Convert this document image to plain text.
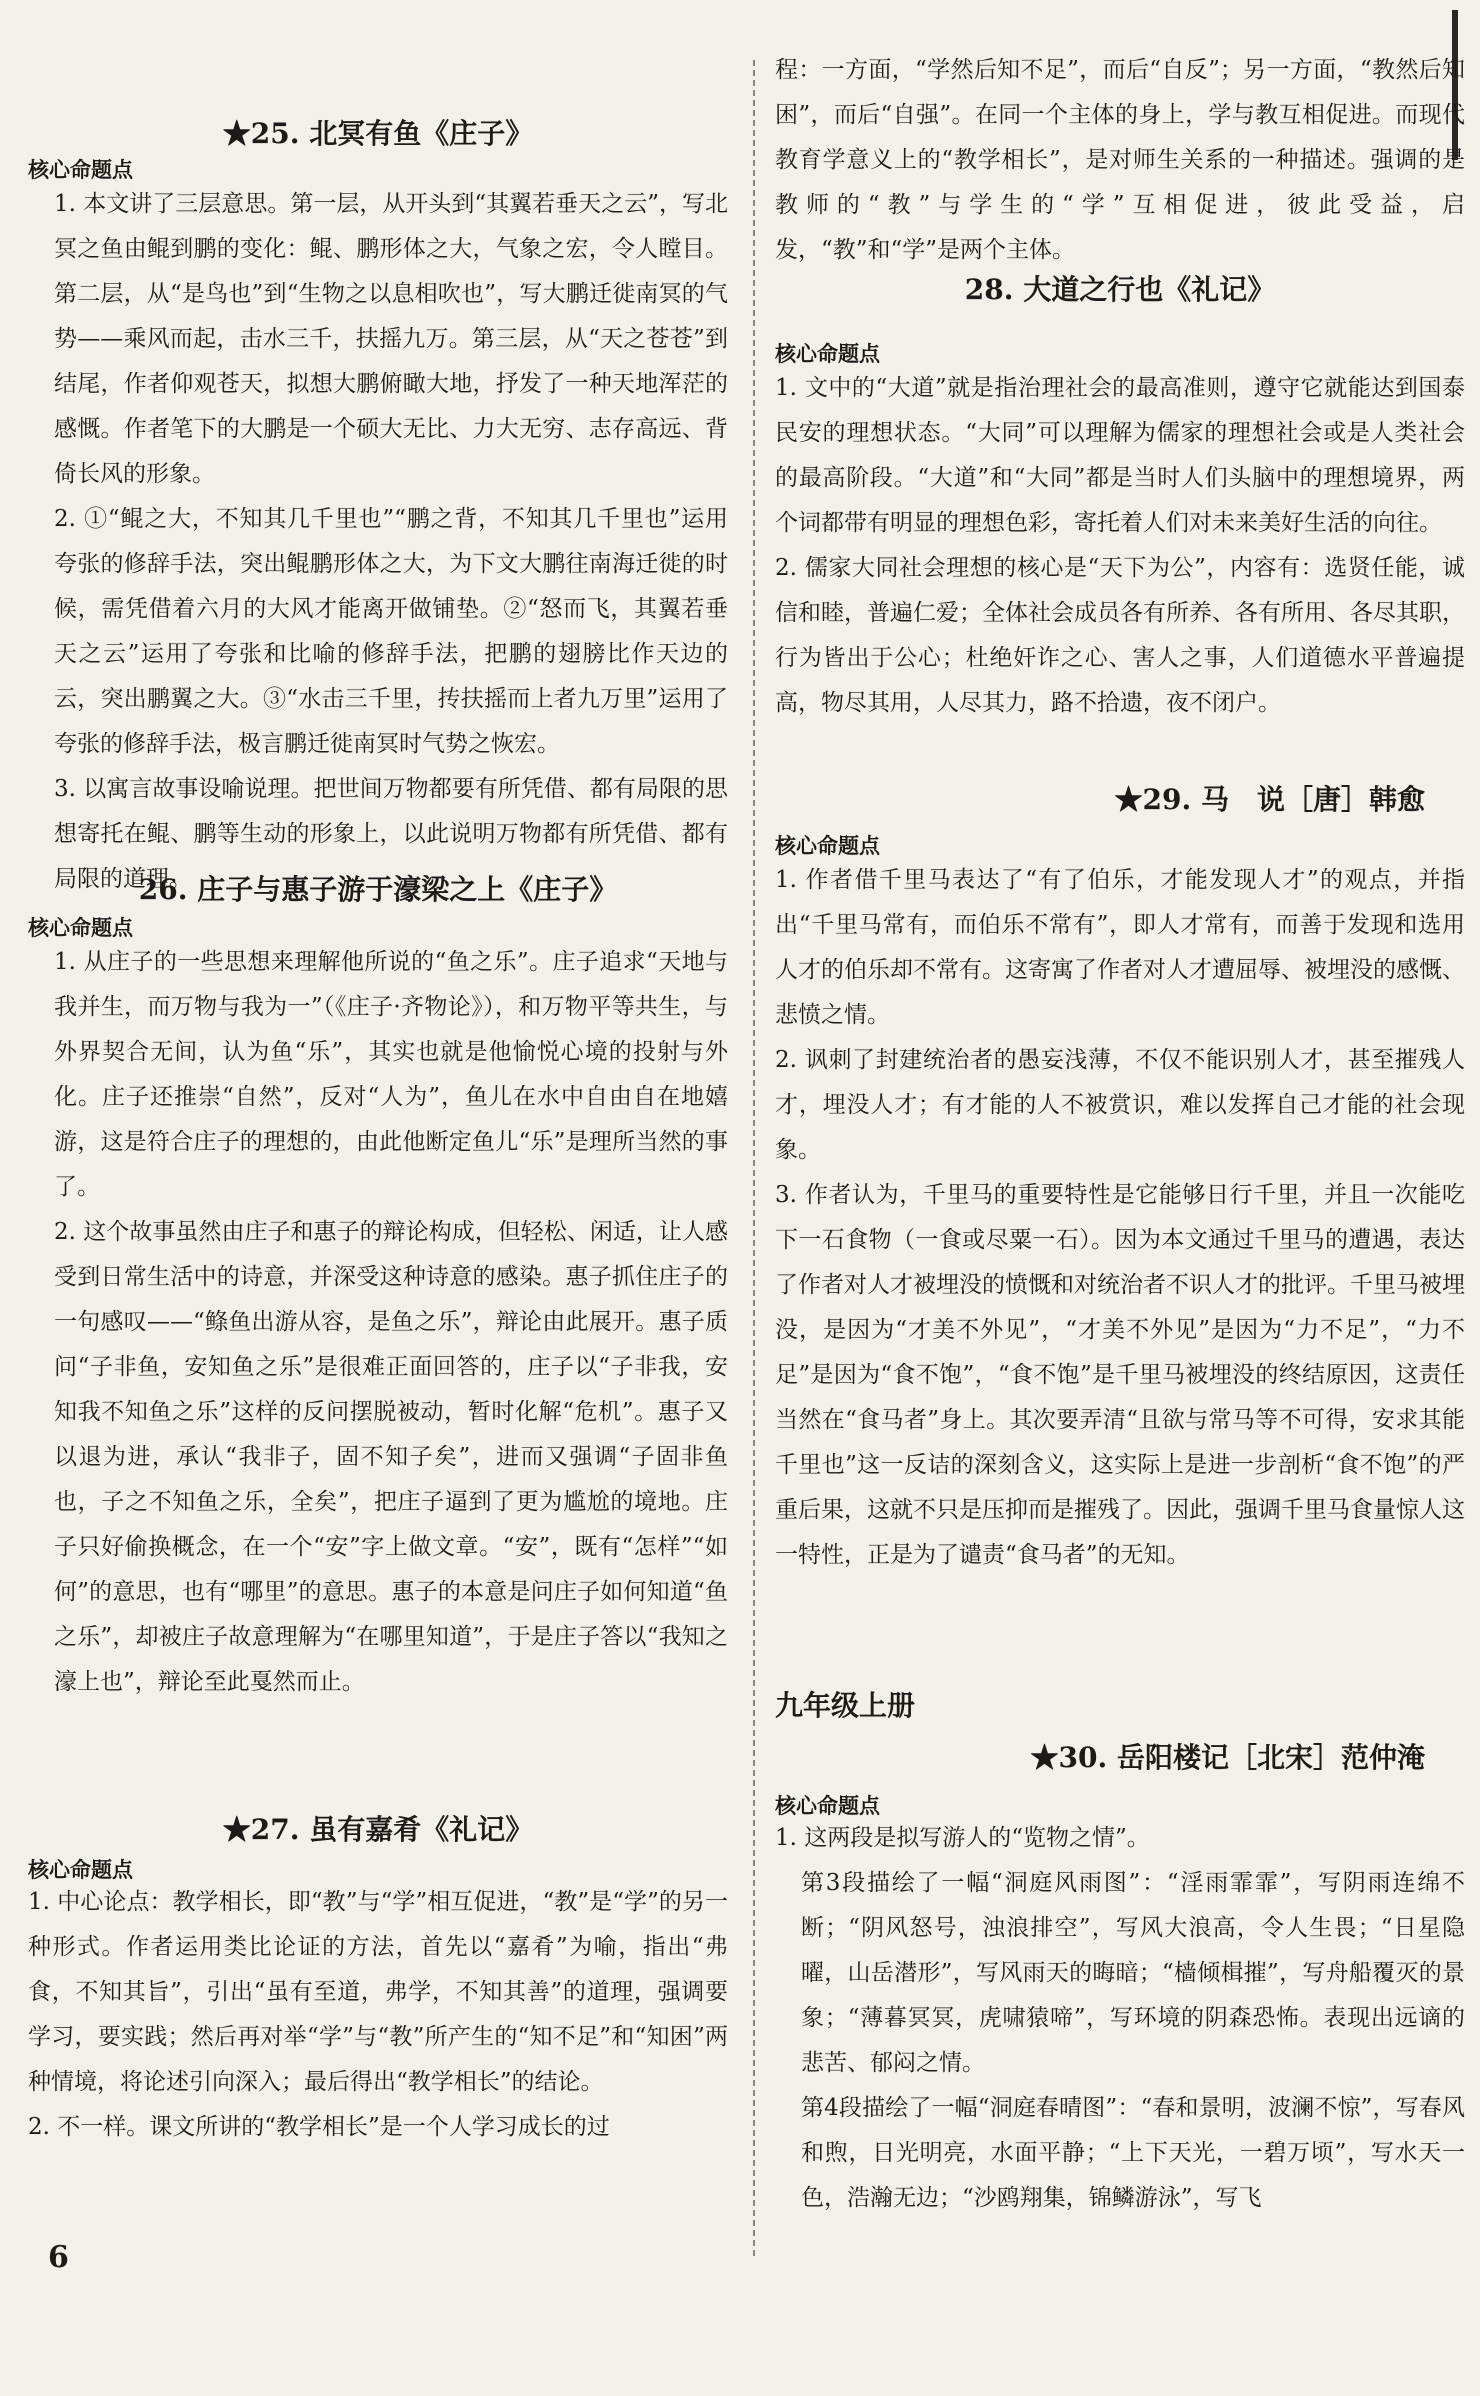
★25. 北冥有鱼《庄子》
核心命题点

1. 本文讲了三层意思。第一层，从开头到“其翼若垂天之云”，写北冥之鱼由鲲到鹏的变化：鲲、鹏形体之大，气象之宏，令人瞠目。第二层，从“是鸟也”到“生物之以息相吹也”，写大鹏迁徙南冥的气势——乘风而起，击水三千，扶摇九万。第三层，从“天之苍苍”到结尾，作者仰观苍天，拟想大鹏俯瞰大地，抒发了一种天地浑茫的感慨。作者笔下的大鹏是一个硕大无比、力大无穷、志存高远、背倚长风的形象。

2. ①“鲲之大，不知其几千里也”“鹏之背，不知其几千里也”运用夸张的修辞手法，突出鲲鹏形体之大，为下文大鹏往南海迁徙的时候，需凭借着六月的大风才能离开做铺垫。②“怒而飞，其翼若垂天之云”运用了夸张和比喻的修辞手法，把鹏的翅膀比作天边的云，突出鹏翼之大。③“水击三千里，抟扶摇而上者九万里”运用了夸张的修辞手法，极言鹏迁徙南冥时气势之恢宏。

3. 以寓言故事设喻说理。把世间万物都要有所凭借、都有局限的思想寄托在鲲、鹏等生动的形象上，以此说明万物都有所凭借、都有局限的道理。

26. 庄子与惠子游于濠梁之上《庄子》
核心命题点

1. 从庄子的一些思想来理解他所说的“鱼之乐”。庄子追求“天地与我并生，而万物与我为一”（《庄子·齐物论》），和万物平等共生，与外界契合无间，认为鱼“乐”，其实也就是他愉悦心境的投射与外化。庄子还推崇“自然”，反对“人为”，鱼儿在水中自由自在地嬉游，这是符合庄子的理想的，由此他断定鱼儿“乐”是理所当然的事了。

2. 这个故事虽然由庄子和惠子的辩论构成，但轻松、闲适，让人感受到日常生活中的诗意，并深受这种诗意的感染。惠子抓住庄子的一句感叹——“鲦鱼出游从容，是鱼之乐”，辩论由此展开。惠子质问“子非鱼，安知鱼之乐”是很难正面回答的，庄子以“子非我，安知我不知鱼之乐”这样的反问摆脱被动，暂时化解“危机”。惠子又以退为进，承认“我非子，固不知子矣”，进而又强调“子固非鱼也，子之不知鱼之乐，全矣”，把庄子逼到了更为尴尬的境地。庄子只好偷换概念，在一个“安”字上做文章。“安”，既有“怎样”“如何”的意思，也有“哪里”的意思。惠子的本意是问庄子如何知道“鱼之乐”，却被庄子故意理解为“在哪里知道”，于是庄子答以“我知之濠上也”，辩论至此戛然而止。

★27. 虽有嘉肴《礼记》
核心命题点

1. 中心论点：教学相长，即“教”与“学”相互促进，“教”是“学”的另一种形式。作者运用类比论证的方法，首先以“嘉肴”为喻，指出“弗食，不知其旨”，引出“虽有至道，弗学，不知其善”的道理，强调要学习，要实践；然后再对举“学”与“教”所产生的“知不足”和“知困”两种情境，将论述引向深入；最后得出“教学相长”的结论。

2. 不一样。课文所讲的“教学相长”是一个人学习成长的过

程：一方面，“学然后知不足”，而后“自反”；另一方面，“教然后知困”，而后“自强”。在同一个主体的身上，学与教互相促进。而现代教育学意义上的“教学相长”，是对师生关系的一种描述。强调的是教师的“教”与学生的“学”互相促进，彼此受益，启发，“教”和“学”是两个主体。

28. 大道之行也《礼记》
核心命题点

1. 文中的“大道”就是指治理社会的最高准则，遵守它就能达到国泰民安的理想状态。“大同”可以理解为儒家的理想社会或是人类社会的最高阶段。“大道”和“大同”都是当时人们头脑中的理想境界，两个词都带有明显的理想色彩，寄托着人们对未来美好生活的向往。

2. 儒家大同社会理想的核心是“天下为公”，内容有：选贤任能，诚信和睦，普遍仁爱；全体社会成员各有所养、各有所用、各尽其职，行为皆出于公心；杜绝奸诈之心、害人之事，人们道德水平普遍提高，物尽其用，人尽其力，路不拾遗，夜不闭户。

★29. 马　说［唐］韩愈
核心命题点

1. 作者借千里马表达了“有了伯乐，才能发现人才”的观点，并指出“千里马常有，而伯乐不常有”，即人才常有，而善于发现和选用人才的伯乐却不常有。这寄寓了作者对人才遭屈辱、被埋没的感慨、悲愤之情。

2. 讽刺了封建统治者的愚妄浅薄，不仅不能识别人才，甚至摧残人才，埋没人才；有才能的人不被赏识，难以发挥自己才能的社会现象。

3. 作者认为，千里马的重要特性是它能够日行千里，并且一次能吃下一石食物（一食或尽粟一石）。因为本文通过千里马的遭遇，表达了作者对人才被埋没的愤慨和对统治者不识人才的批评。千里马被埋没，是因为“才美不外见”，“才美不外见”是因为“力不足”，“力不足”是因为“食不饱”，“食不饱”是千里马被埋没的终结原因，这责任当然在“食马者”身上。其次要弄清“且欲与常马等不可得，安求其能千里也”这一反诘的深刻含义，这实际上是进一步剖析“食不饱”的严重后果，这就不只是压抑而是摧残了。因此，强调千里马食量惊人这一特性，正是为了谴责“食马者”的无知。

九年级上册
★30. 岳阳楼记［北宋］范仲淹
核心命题点

1. 这两段是拟写游人的“览物之情”。

第3段描绘了一幅“洞庭风雨图”：“淫雨霏霏”，写阴雨连绵不断；“阴风怒号，浊浪排空”，写风大浪高，令人生畏；“日星隐曜，山岳潜形”，写风雨天的晦暗；“樯倾楫摧”，写舟船覆灭的景象；“薄暮冥冥，虎啸猿啼”，写环境的阴森恐怖。表现出远谪的悲苦、郁闷之情。

第4段描绘了一幅“洞庭春晴图”：“春和景明，波澜不惊”，写春风和煦，日光明亮，水面平静；“上下天光，一碧万顷”，写水天一色，浩瀚无边；“沙鸥翔集，锦鳞游泳”，写飞

6
